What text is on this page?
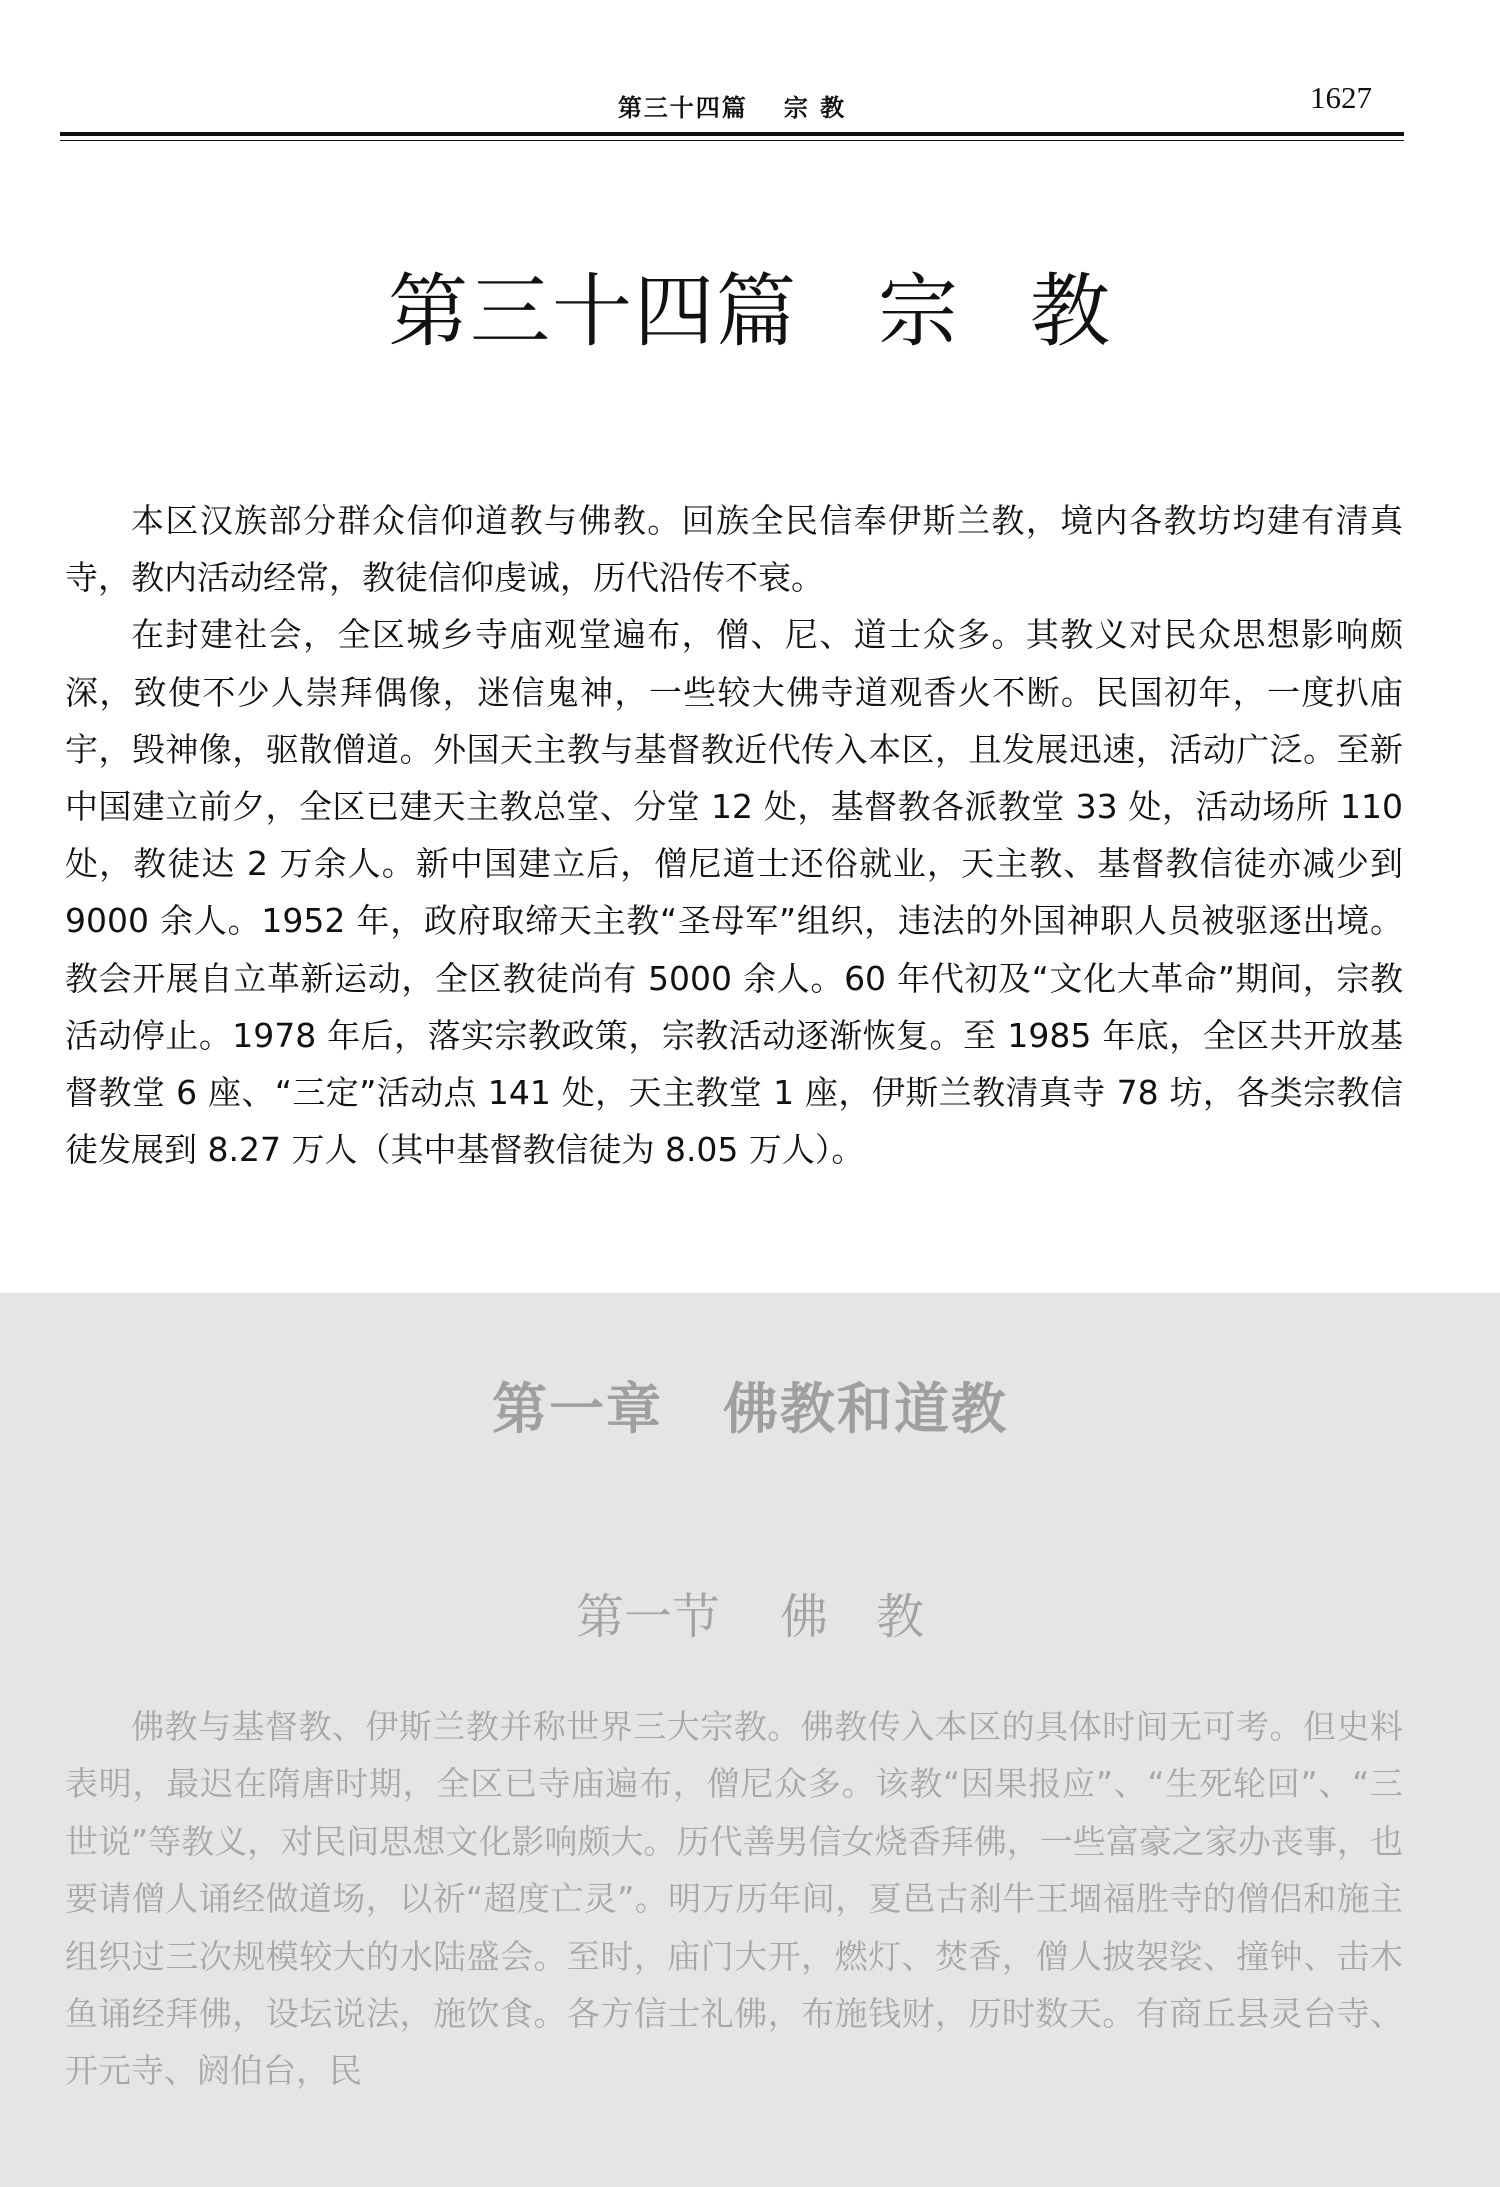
第三十四篇 宗 教	1627
第三十四篇 宗 教

本区汉族部分群众信仰道教与佛教。回族全民信奉伊斯兰教，境内各教坊均建有清真寺，教内活动经常，教徒信仰虔诚，历代沿传不衰。

在封建社会，全区城乡寺庙观堂遍布，僧、尼、道士众多。其教义对民众思想影响颇深，致使不少人崇拜偶像，迷信鬼神，一些较大佛寺道观香火不断。民国初年，一度扒庙宇，毁神像，驱散僧道。外国天主教与基督教近代传入本区，且发展迅速，活动广泛。至新中国建立前夕，全区已建天主教总堂、分堂 12 处，基督教各派教堂 33 处，活动场所 110 处，教徒达 2 万余人。新中国建立后，僧尼道士还俗就业，天主教、基督教信徒亦减少到 9000 余人。1952 年，政府取缔天主教“圣母军”组织，违法的外国神职人员被驱逐出境。教会开展自立革新运动，全区教徒尚有 5000 余人。60 年代初及“文化大革命”期间，宗教活动停止。1978 年后，落实宗教政策，宗教活动逐渐恢复。至 1985 年底，全区共开放基督教堂 6 座、“三定”活动点 141 处，天主教堂 1 座，伊斯兰教清真寺 78 坊，各类宗教信徒发展到 8.27 万人（其中基督教信徒为 8.05 万人）。

第一章 佛教和道教
第一节 佛 教

佛教与基督教、伊斯兰教并称世界三大宗教。佛教传入本区的具体时间无可考。但史料表明，最迟在隋唐时期，全区已寺庙遍布，僧尼众多。该教“因果报应”、“生死轮回”、“三世说”等教义，对民间思想文化影响颇大。历代善男信女烧香拜佛，一些富豪之家办丧事，也要请僧人诵经做道场，以祈“超度亡灵”。明万历年间，夏邑古刹牛王堌福胜寺的僧侣和施主组织过三次规模较大的水陆盛会。至时，庙门大开，燃灯、焚香，僧人披袈裟、撞钟、击木鱼诵经拜佛，设坛说法，施饮食。各方信士礼佛，布施钱财，历时数天。有商丘县灵台寺、开元寺、阏伯台，民
